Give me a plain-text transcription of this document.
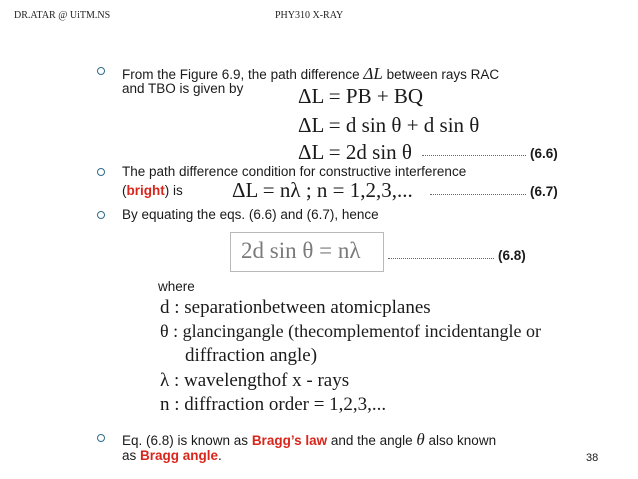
DR.ATAR @ UiTM.NS	PHY310 X-RAY
From the Figure 6.9, the path difference ΔL between rays RAC
and TBO is given by	ΔL = PB + BQ
ΔL = d sin θ + d sin θ
ΔL = 2d sin θ	(6.6)
The path difference condition for constructive interference
(bright) is ΔL = nλ ; n = 1,2,3,...	(6.7)
By equating the eqs. (6.6) and (6.7), hence
2d sin θ = nλ	(6.8)
where
d : separationbetween atomicplanes
θ : glancingangle (thecomplementof incidentangle or
diffraction angle)
λ : wavelengthof x - rays
n : diffraction order = 1,2,3,...
Eq. (6.8) is known as Bragg’s law and the angle θ also known
as Bragg angle.	38
